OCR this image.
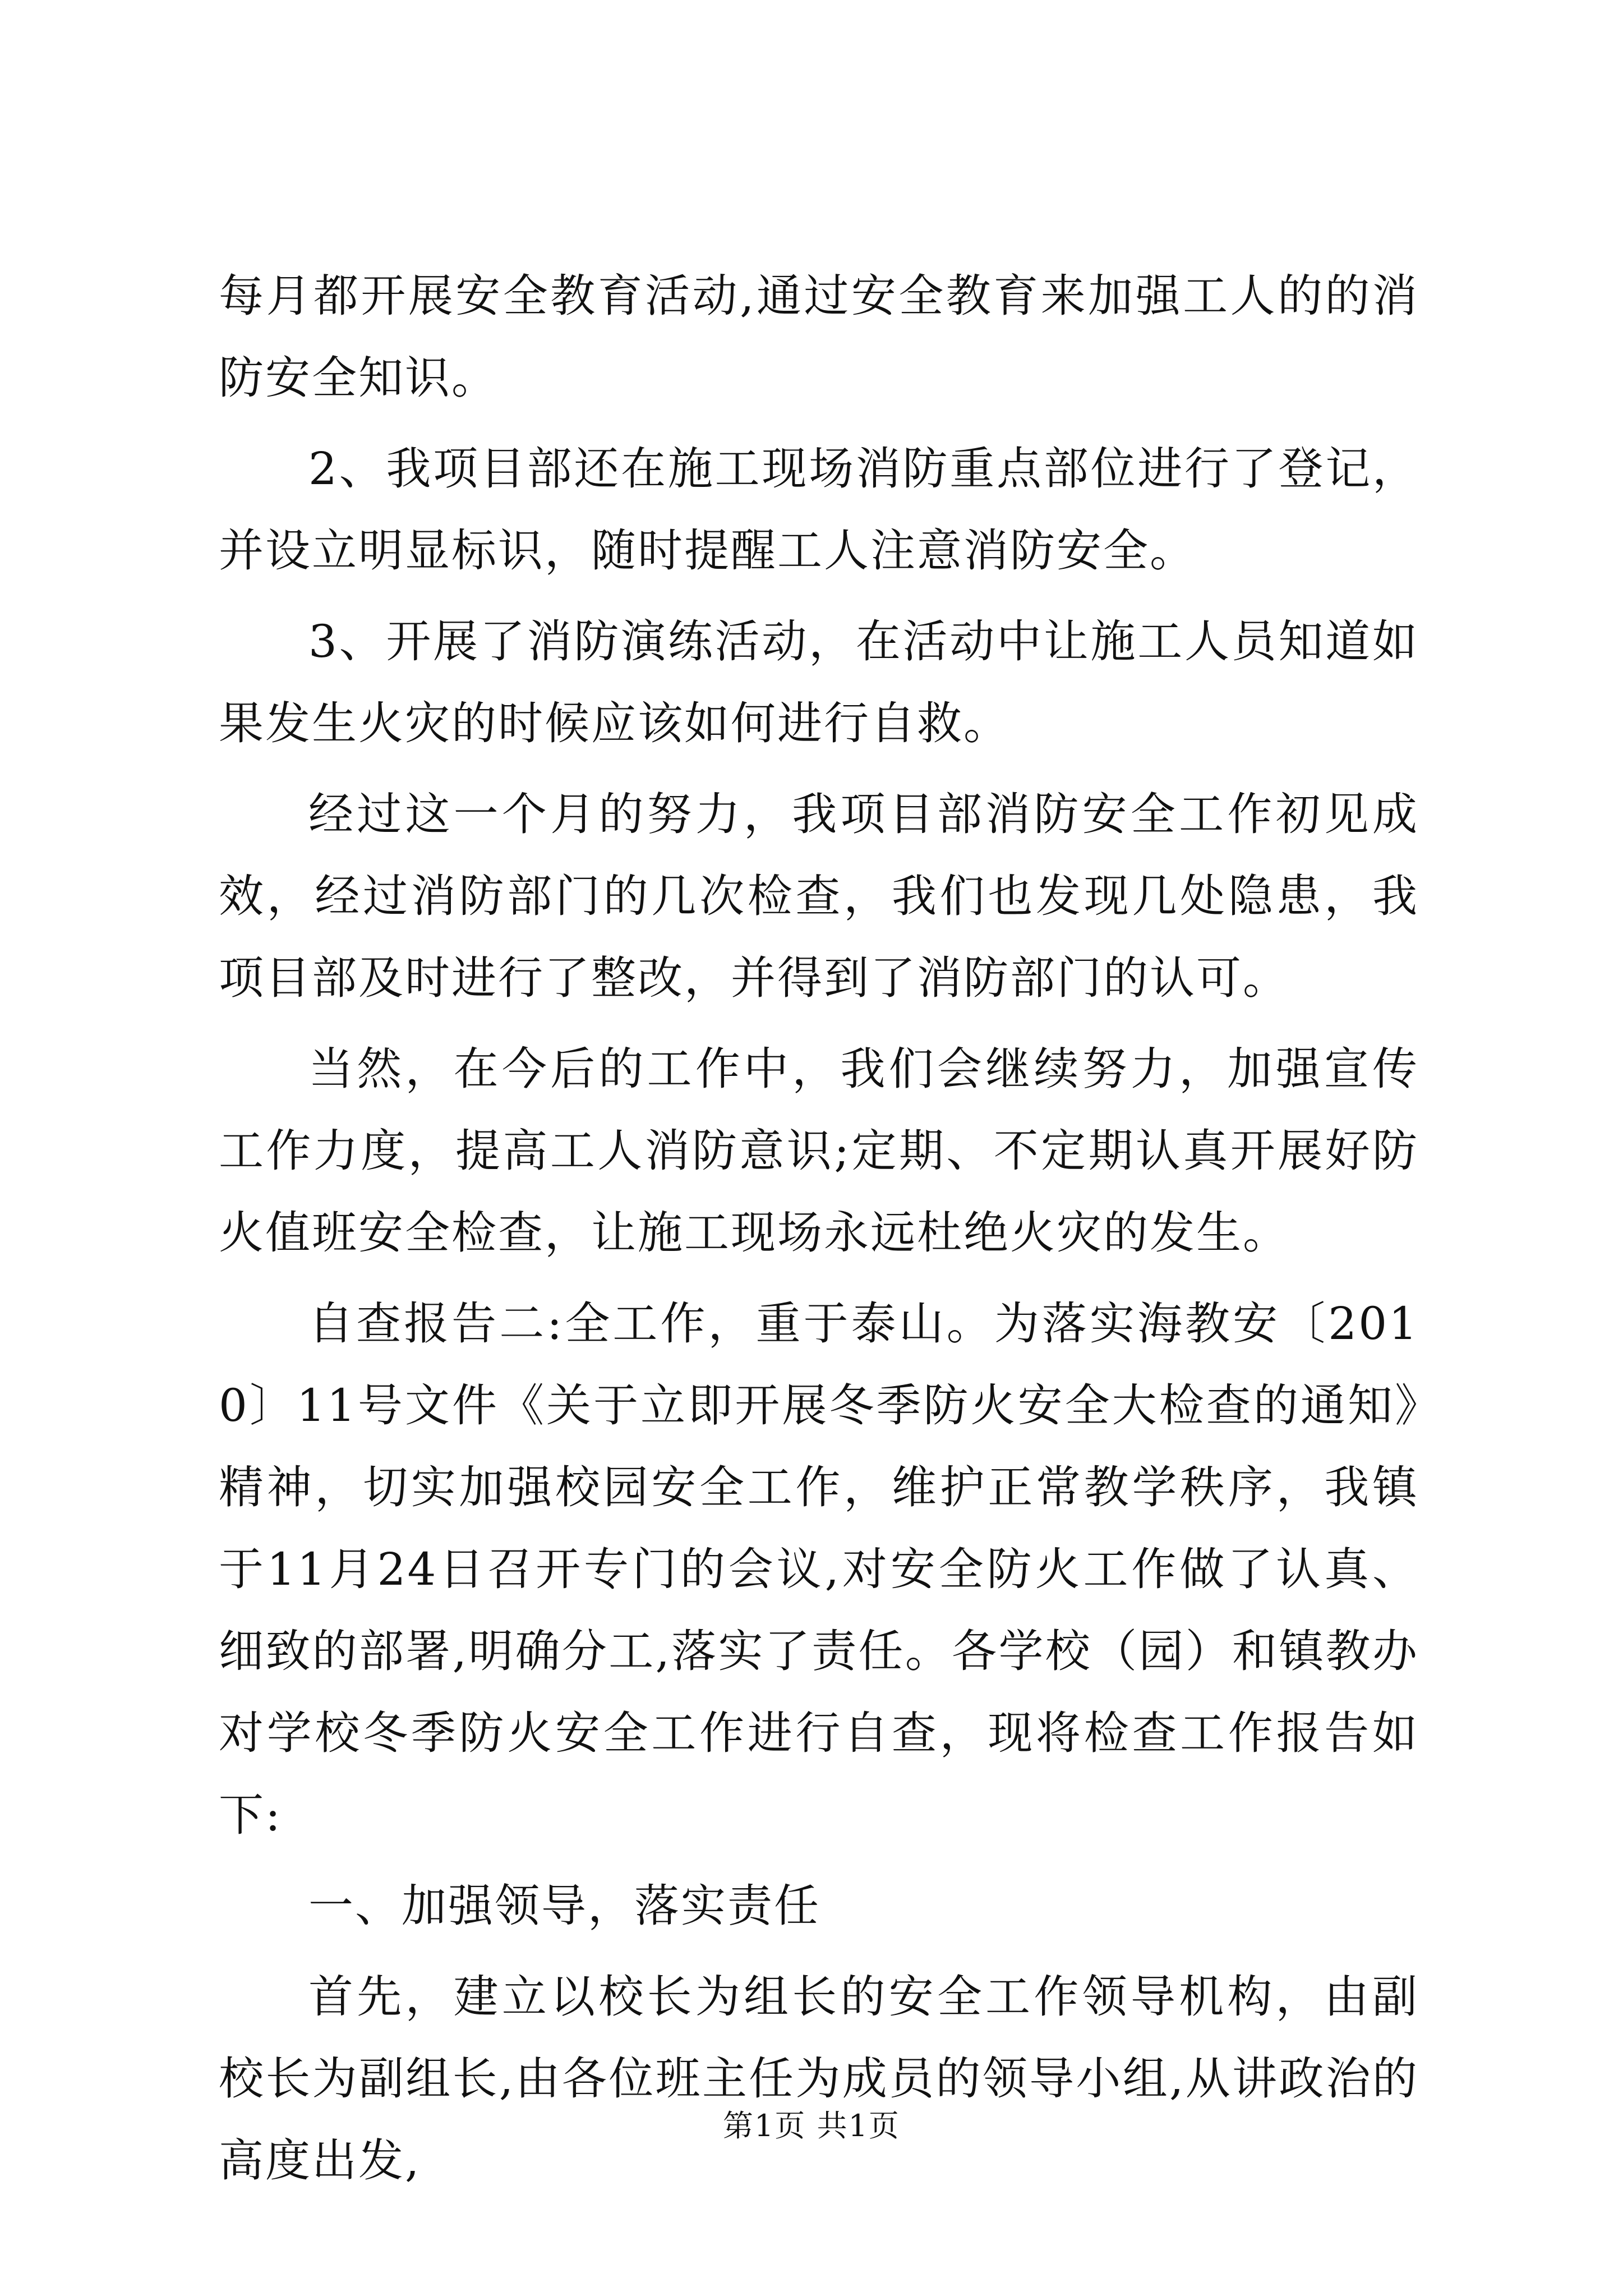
每月都开展安全教育活动,通过安全教育来加强工人的的消防安全知识。

2、我项目部还在施工现场消防重点部位进行了登记，并设立明显标识，随时提醒工人注意消防安全。

3、开展了消防演练活动，在活动中让施工人员知道如果发生火灾的时候应该如何进行自救。

经过这一个月的努力，我项目部消防安全工作初见成效，经过消防部门的几次检查，我们也发现几处隐患，我项目部及时进行了整改，并得到了消防部门的认可。

当然，在今后的工作中，我们会继续努力，加强宣传工作力度，提高工人消防意识;定期、不定期认真开展好防火值班安全检查，让施工现场永远杜绝火灾的发生。

自查报告二:全工作，重于泰山。为落实海教安〔2010〕11号文件《关于立即开展冬季防火安全大检查的通知》精神，切实加强校园安全工作，维护正常教学秩序，我镇于11月24日召开专门的会议,对安全防火工作做了认真、细致的部署,明确分工,落实了责任。各学校（园）和镇教办对学校冬季防火安全工作进行自查，现将检查工作报告如下:

一、加强领导，落实责任

首先，建立以校长为组长的安全工作领导机构，由副校长为副组长,由各位班主任为成员的领导小组,从讲政治的高度出发,

第1页 共1页
